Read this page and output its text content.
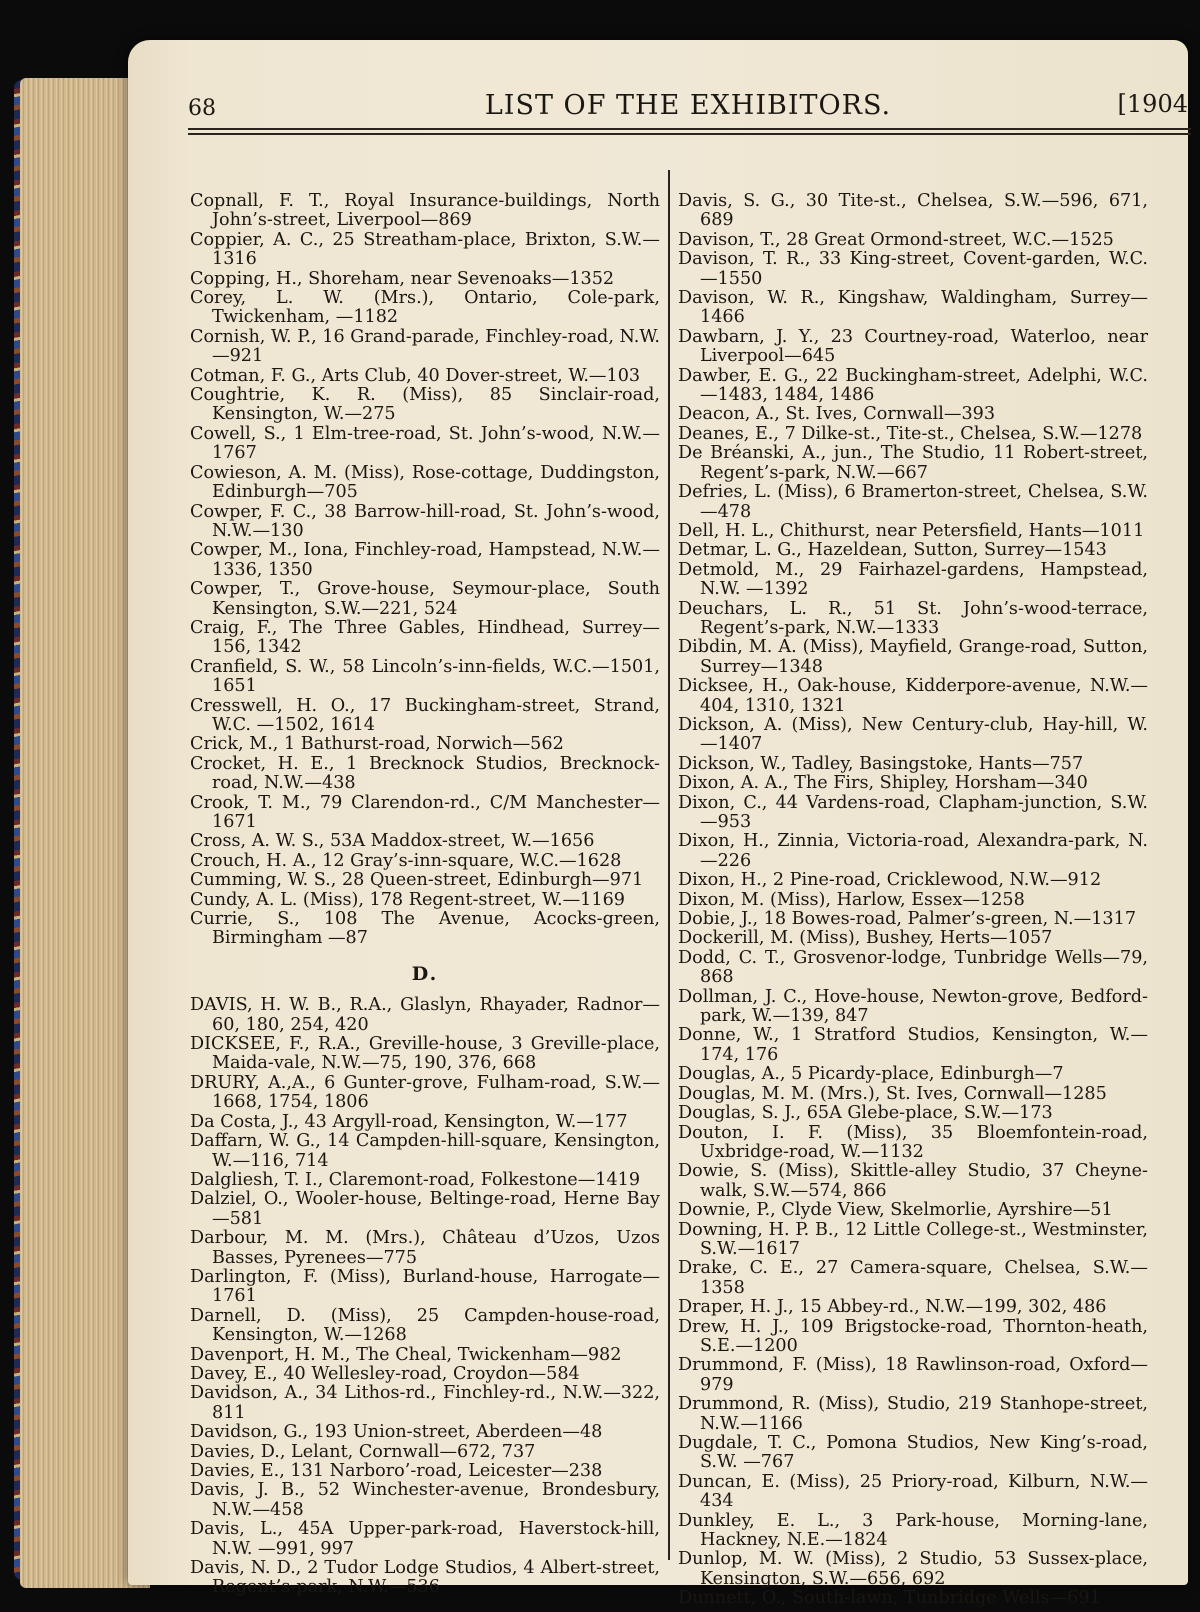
68	LIST OF THE EXHIBITORS.	[1904
Copnall, F. T., Royal Insurance-buildings, North John’s-street, Liverpool—869
Coppier, A. C., 25 Streatham-place, Brixton, S.W.—1316
Copping, H., Shoreham, near Sevenoaks—1352
Corey, L. W. (Mrs.), Ontario, Cole-park, Twickenham, —1182
Cornish, W. P., 16 Grand-parade, Finchley-road, N.W. —921
Cotman, F. G., Arts Club, 40 Dover-street, W.—103
Coughtrie, K. R. (Miss), 85 Sinclair-road, Kensington, W.—275
Cowell, S., 1 Elm-tree-road, St. John’s-wood, N.W.—1767
Cowieson, A. M. (Miss), Rose-cottage, Duddingston, Edinburgh—705
Cowper, F. C., 38 Barrow-hill-road, St. John’s-wood, N.W.—130
Cowper, M., Iona, Finchley-road, Hampstead, N.W.—1336, 1350
Cowper, T., Grove-house, Seymour-place, South Kensington, S.W.—221, 524
Craig, F., The Three Gables, Hindhead, Surrey—156, 1342
Cranfield, S. W., 58 Lincoln’s-inn-fields, W.C.—1501, 1651
Cresswell, H. O., 17 Buckingham-street, Strand, W.C. —1502, 1614
Crick, M., 1 Bathurst-road, Norwich—562
Crocket, H. E., 1 Brecknock Studios, Brecknock-road, N.W.—438
Crook, T. M., 79 Clarendon-rd., C/M Manchester—1671
Cross, A. W. S., 53A Maddox-street, W.—1656
Crouch, H. A., 12 Gray’s-inn-square, W.C.—1628
Cumming, W. S., 28 Queen-street, Edinburgh—971
Cundy, A. L. (Miss), 178 Regent-street, W.—1169
Currie, S., 108 The Avenue, Acocks-green, Birmingham —87
D.
DAVIS, H. W. B., R.A., Glaslyn, Rhayader, Radnor—60, 180, 254, 420
DICKSEE, F., R.A., Greville-house, 3 Greville-place, Maida-vale, N.W.—75, 190, 376, 668
DRURY, A.,A., 6 Gunter-grove, Fulham-road, S.W.—1668, 1754, 1806
Da Costa, J., 43 Argyll-road, Kensington, W.—177
Daffarn, W. G., 14 Campden-hill-square, Kensington, W.—116, 714
Dalgliesh, T. I., Claremont-road, Folkestone—1419
Dalziel, O., Wooler-house, Beltinge-road, Herne Bay—581
Darbour, M. M. (Mrs.), Château d’Uzos, Uzos Basses, Pyrenees—775
Darlington, F. (Miss), Burland-house, Harrogate—1761
Darnell, D. (Miss), 25 Campden-house-road, Kensington, W.—1268
Davenport, H. M., The Cheal, Twickenham—982
Davey, E., 40 Wellesley-road, Croydon—584
Davidson, A., 34 Lithos-rd., Finchley-rd., N.W.—322, 811
Davidson, G., 193 Union-street, Aberdeen—48
Davies, D., Lelant, Cornwall—672, 737
Davies, E., 131 Narboro’-road, Leicester—238
Davis, J. B., 52 Winchester-avenue, Brondesbury, N.W.—458
Davis, L., 45A Upper-park-road, Haverstock-hill, N.W. —991, 997
Davis, N. D., 2 Tudor Lodge Studios, 4 Albert-street, Regent’s-park, N.W.—536
Davis, S. G., 30 Tite-st., Chelsea, S.W.—596, 671, 689
Davison, T., 28 Great Ormond-street, W.C.—1525
Davison, T. R., 33 King-street, Covent-garden, W.C.—1550
Davison, W. R., Kingshaw, Waldingham, Surrey—1466
Dawbarn, J. Y., 23 Courtney-road, Waterloo, near Liverpool—645
Dawber, E. G., 22 Buckingham-street, Adelphi, W.C. —1483, 1484, 1486
Deacon, A., St. Ives, Cornwall—393
Deanes, E., 7 Dilke-st., Tite-st., Chelsea, S.W.—1278
De Bréanski, A., jun., The Studio, 11 Robert-street, Regent’s-park, N.W.—667
Defries, L. (Miss), 6 Bramerton-street, Chelsea, S.W.—478
Dell, H. L., Chithurst, near Petersfield, Hants—1011
Detmar, L. G., Hazeldean, Sutton, Surrey—1543
Detmold, M., 29 Fairhazel-gardens, Hampstead, N.W. —1392
Deuchars, L. R., 51 St. John’s-wood-terrace, Regent’s-park, N.W.—1333
Dibdin, M. A. (Miss), Mayfield, Grange-road, Sutton, Surrey—1348
Dicksee, H., Oak-house, Kidderpore-avenue, N.W.—404, 1310, 1321
Dickson, A. (Miss), New Century-club, Hay-hill, W. —1407
Dickson, W., Tadley, Basingstoke, Hants—757
Dixon, A. A., The Firs, Shipley, Horsham—340
Dixon, C., 44 Vardens-road, Clapham-junction, S.W.—953
Dixon, H., Zinnia, Victoria-road, Alexandra-park, N. —226
Dixon, H., 2 Pine-road, Cricklewood, N.W.—912
Dixon, M. (Miss), Harlow, Essex—1258
Dobie, J., 18 Bowes-road, Palmer’s-green, N.—1317
Dockerill, M. (Miss), Bushey, Herts—1057
Dodd, C. T., Grosvenor-lodge, Tunbridge Wells—79, 868
Dollman, J. C., Hove-house, Newton-grove, Bedford-park, W.—139, 847
Donne, W., 1 Stratford Studios, Kensington, W.—174, 176
Douglas, A., 5 Picardy-place, Edinburgh—7
Douglas, M. M. (Mrs.), St. Ives, Cornwall—1285
Douglas, S. J., 65A Glebe-place, S.W.—173
Douton, I. F. (Miss), 35 Bloemfontein-road, Uxbridge-road, W.—1132
Dowie, S. (Miss), Skittle-alley Studio, 37 Cheyne-walk, S.W.—574, 866
Downie, P., Clyde View, Skelmorlie, Ayrshire—51
Downing, H. P. B., 12 Little College-st., Westminster, S.W.—1617
Drake, C. E., 27 Camera-square, Chelsea, S.W.—1358
Draper, H. J., 15 Abbey-rd., N.W.—199, 302, 486
Drew, H. J., 109 Brigstocke-road, Thornton-heath, S.E.—1200
Drummond, F. (Miss), 18 Rawlinson-road, Oxford—979
Drummond, R. (Miss), Studio, 219 Stanhope-street, N.W.—1166
Dugdale, T. C., Pomona Studios, New King’s-road, S.W. —767
Duncan, E. (Miss), 25 Priory-road, Kilburn, N.W.—434
Dunkley, E. L., 3 Park-house, Morning-lane, Hackney, N.E.—1824
Dunlop, M. W. (Miss), 2 Studio, 53 Sussex-place, Kensington, S.W.—656, 692
Dunnett, O., South-lawn, Tunbridge Wells—691
